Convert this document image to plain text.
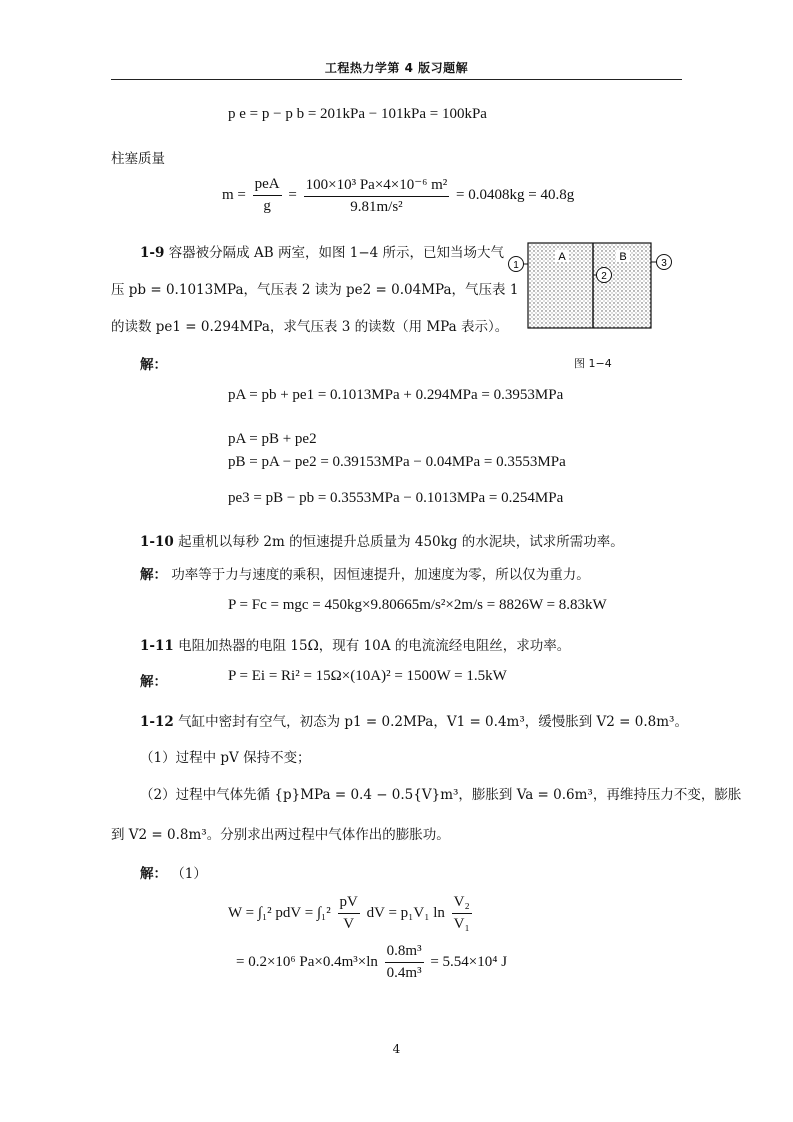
工程热力学第 4 版习题解
p e = p − p b = 201kPa − 101kPa = 100kPa
柱塞质量
$m = \frac{\text{peA}}{g} = \frac{\text{100×10³ Pa×4×10⁻⁶ m²}}{\text{9.81m/s²}} = 0.0408kg = 40.8g$
1-9 容器被分隔成 AB 两室，如图 1−4 所示，已知当场大气
压 pb = 0.1013MPa，气压表 2 读为 pe2 = 0.04MPa，气压表 1
的读数 pe1 = 0.294MPa，求气压表 3 的读数（用 MPa 表示）。
A	B
1
2
3
图 1−4
解：
pA = pb + pe1 = 0.1013MPa + 0.294MPa = 0.3953MPa
pA = pB + pe2
pB = pA − pe2 = 0.39153MPa − 0.04MPa = 0.3553MPa
pe3 = pB − pb = 0.3553MPa − 0.1013MPa = 0.254MPa
1-10 起重机以每秒 2m 的恒速提升总质量为 450kg 的水泥块，试求所需功率。
解： 功率等于力与速度的乘积，因恒速提升，加速度为零，所以仅为重力。
P = Fc = mgc = 450kg×9.80665m/s²×2m/s = 8826W = 8.83kW
1-11 电阻加热器的电阻 15Ω，现有 10A 的电流流经电阻丝，求功率。
解：	P = Ei = Ri² = 15Ω×(10A)² = 1500W = 1.5kW
1-12 气缸中密封有空气，初态为 p1 = 0.2MPa，V1 = 0.4m³，缓慢胀到 V2 = 0.8m³。
（1）过程中 pV 保持不变；
（2）过程中气体先循 {p}MPa = 0.4 − 0.5{V}m³，膨胀到 Va = 0.6m³，再维持压力不变，膨胀
到 V2 = 0.8m³。分别求出两过程中气体作出的膨胀功。
解： （1）
W = ∫₁² pdV = $\int_1^2 \frac{pV}{V}$ dV = p₁V₁ $\ln \frac{\text{V₂}}{\text{V₁}}$
= 0.2×10⁶ $Pa\times 0.4m^3\times\ln \frac{\text{0.8m³}}{\text{0.4m³}} = 5.54\times 10^4$ J
4
